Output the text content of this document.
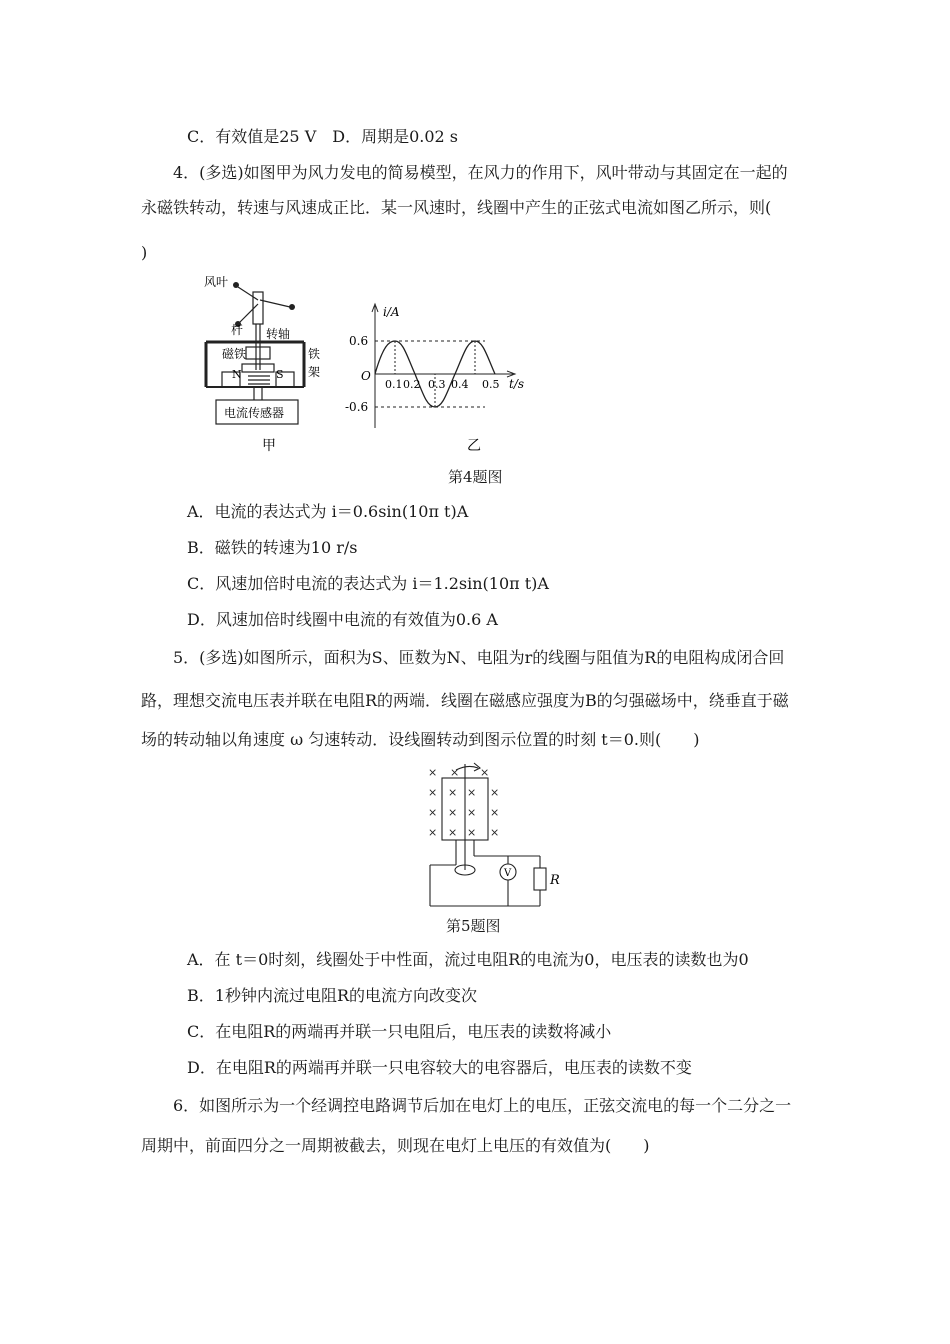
C．有效值是25 V　D．周期是0.02 s
4．(多选)如图甲为风力发电的简易模型，在风力的作用下，风叶带动与其固定在一起的
永磁铁转动，转速与风速成正比．某一风速时，线圈中产生的正弦式电流如图乙所示，则(
)
风叶
杆 转轴
磁铁	铁
架
N	S
电流传感器
甲
i/A
t/s
O
0.6
-0.6
0.1 0.2 0.3 0.4 0.5
乙
第4题图
A．电流的表达式为 i＝0.6sin(10π t)A
B．磁铁的转速为10 r/s
C．风速加倍时电流的表达式为 i＝1.2sin(10π t)A
D．风速加倍时线圈中电流的有效值为0.6 A
5．(多选)如图所示，面积为S、匝数为N、电阻为r的线圈与阻值为R的电阻构成闭合回
路，理想交流电压表并联在电阻R的两端．线圈在磁感应强度为B的匀强磁场中，绕垂直于磁
场的转动轴以角速度 ω 匀速转动．设线圈转动到图示位置的时刻 t＝0.则(　　)
× × ×
× × × ×
× × × ×
× × × ×
V	R
第5题图
A．在 t＝0时刻，线圈处于中性面，流过电阻R的电流为0，电压表的读数也为0
B．1秒钟内流过电阻R的电流方向改变次
C．在电阻R的两端再并联一只电阻后，电压表的读数将减小
D．在电阻R的两端再并联一只电容较大的电容器后，电压表的读数不变
6．如图所示为一个经调控电路调节后加在电灯上的电压，正弦交流电的每一个二分之一
周期中，前面四分之一周期被截去，则现在电灯上电压的有效值为(　　)
